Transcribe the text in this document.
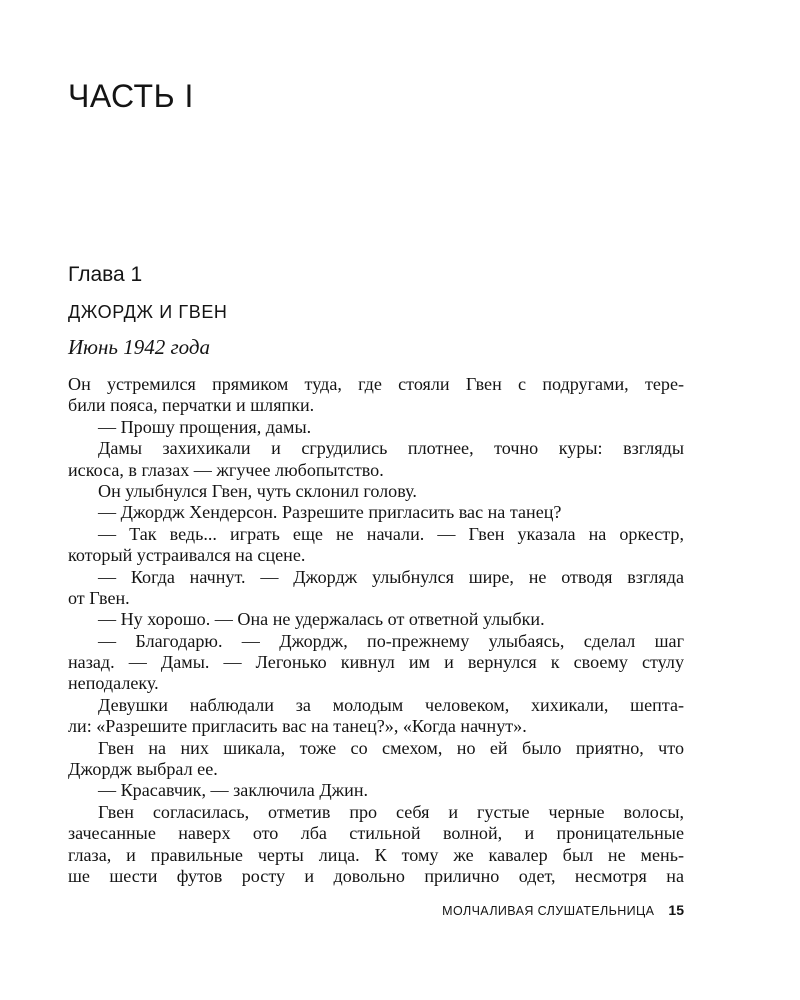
ЧАСТЬ I
Глава 1
ДЖОРДЖ И ГВЕН

Июнь 1942 года

Он устремился прямиком туда, где стояли Гвен с подругами, тере-
били пояса, перчатки и шляпки.
— Прошу прощения, дамы.
Дамы захихикали и сгрудились плотнее, точно куры: взгляды
искоса, в глазах — жгучее любопытство.
Он улыбнулся Гвен, чуть склонил голову.
— Джордж Хендерсон. Разрешите пригласить вас на танец?
— Так ведь... играть еще не начали. — Гвен указала на оркестр,
который устраивался на сцене.
— Когда начнут. — Джордж улыбнулся шире, не отводя взгляда
от Гвен.
— Ну хорошо. — Она не удержалась от ответной улыбки.
— Благодарю. — Джордж, по-прежнему улыбаясь, сделал шаг
назад. — Дамы. — Легонько кивнул им и вернулся к своему стулу
неподалеку.
Девушки наблюдали за молодым человеком, хихикали, шепта-
ли: «Разрешите пригласить вас на танец?», «Когда начнут».
Гвен на них шикала, тоже со смехом, но ей было приятно, что
Джордж выбрал ее.
— Красавчик, — заключила Джин.
Гвен согласилась, отметив про себя и густые черные волосы,
зачесанные наверх ото лба стильной волной, и проницательные
глаза, и правильные черты лица. К тому же кавалер был не мень-
ше шести футов росту и довольно прилично одет, несмотря на
МОЛЧАЛИВАЯ СЛУШАТЕЛЬНИЦА 15
